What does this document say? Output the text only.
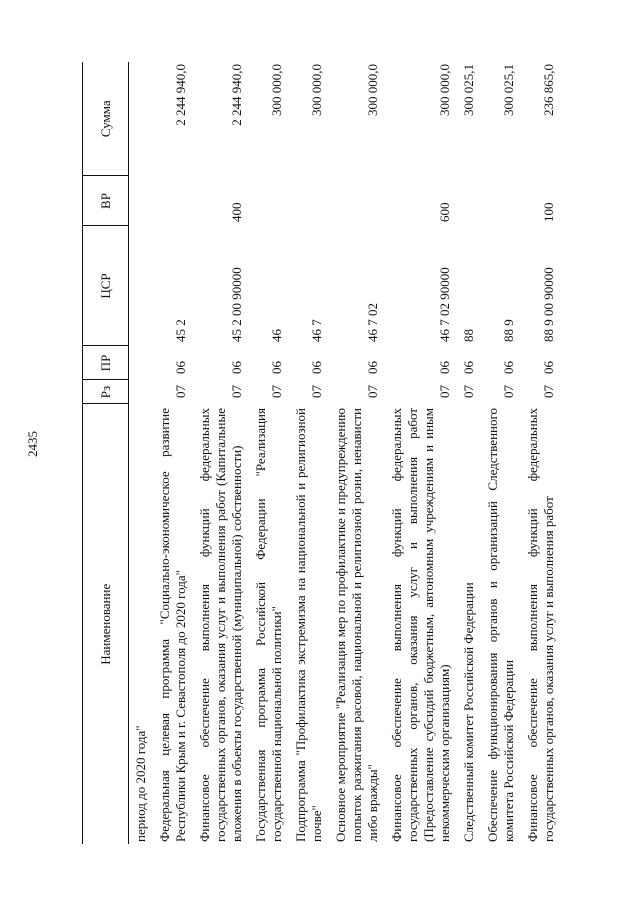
2435
Наименование	Рз	ПР	ЦСР	ВР	Сумма
период до 2020 года"					
Федеральная целевая программа "Социально-экономическое развитие Республики Крым и г. Севастополя до 2020 года"	07	06	45 2		2 244 940,0
Финансовое обеспечение выполнения функций федеральных государственных органов, оказания услуг и выполнения работ (Капитальные вложения в объекты государственной (муниципальной) собственности)	07	06	45 2 00 90000	400	2 244 940,0
Государственная программа Российской Федерации "Реализация государственной национальной политики"	07	06	46		300 000,0
Подпрограмма "Профилактика экстремизма на национальной и религиозной почве"	07	06	46 7		300 000,0
Основное мероприятие "Реализация мер по профилактике и предупреждению попыток разжигания расовой, национальной и религиозной розни, ненависти либо вражды"	07	06	46 7 02		300 000,0
Финансовое обеспечение выполнения функций федеральных государственных органов, оказания услуг и выполнения работ (Предоставление субсидий бюджетным, автономным учреждениям и иным некоммерческим организациям)	07	06	46 7 02 90000	600	300 000,0
Следственный комитет Российской Федерации	07	06	88		300 025,1
Обеспечение функционирования органов и организаций Следственного комитета Российской Федерации	07	06	88 9		300 025,1
Финансовое обеспечение выполнения функций федеральных государственных органов, оказания услуг и выполнения работ	07	06	88 9 00 90000	100	236 865,0
